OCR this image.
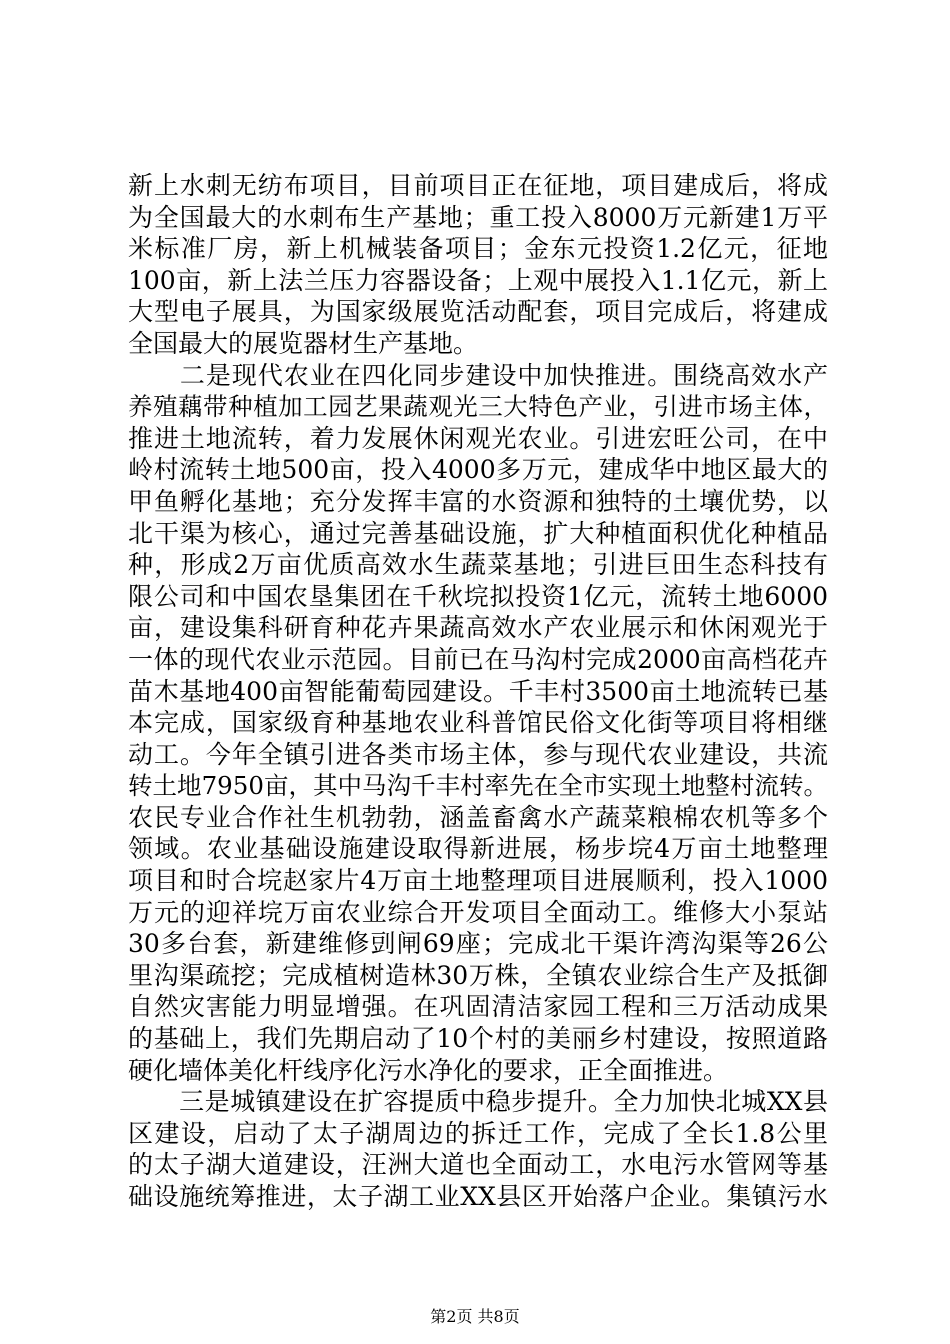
新上水刺无纺布项目，目前项目正在征地，项目建成后，将成
为全国最大的水刺布生产基地；重工投入8000万元新建1万平
米标准厂房，新上机械装备项目；金东元投资1.2亿元，征地
100亩，新上法兰压力容器设备；上观中展投入1.1亿元，新上
大型电子展具，为国家级展览活动配套，项目完成后，将建成
全国最大的展览器材生产基地。
　　二是现代农业在四化同步建设中加快推进。围绕高效水产
养殖藕带种植加工园艺果蔬观光三大特色产业，引进市场主体，
推进土地流转，着力发展休闲观光农业。引进宏旺公司，在中
岭村流转土地500亩，投入4000多万元，建成华中地区最大的
甲鱼孵化基地；充分发挥丰富的水资源和独特的土壤优势，以
北干渠为核心，通过完善基础设施，扩大种植面积优化种植品
种，形成2万亩优质高效水生蔬菜基地；引进巨田生态科技有
限公司和中国农垦集团在千秋垸拟投资1亿元，流转土地6000
亩，建设集科研育种花卉果蔬高效水产农业展示和休闲观光于
一体的现代农业示范园。目前已在马沟村完成2000亩高档花卉
苗木基地400亩智能葡萄园建设。千丰村3500亩土地流转已基
本完成，国家级育种基地农业科普馆民俗文化街等项目将相继
动工。今年全镇引进各类市场主体，参与现代农业建设，共流
转土地7950亩，其中马沟千丰村率先在全市实现土地整村流转。
农民专业合作社生机勃勃，涵盖畜禽水产蔬菜粮棉农机等多个
领域。农业基础设施建设取得新进展，杨步垸4万亩土地整理
项目和时合垸赵家片4万亩土地整理项目进展顺利，投入1000
万元的迎祥垸万亩农业综合开发项目全面动工。维修大小泵站
30多台套，新建维修剅闸69座；完成北干渠许湾沟渠等26公
里沟渠疏挖；完成植树造林30万株，全镇农业综合生产及抵御
自然灾害能力明显增强。在巩固清洁家园工程和三万活动成果
的基础上，我们先期启动了10个村的美丽乡村建设，按照道路
硬化墙体美化杆线序化污水净化的要求，正全面推进。
　　三是城镇建设在扩容提质中稳步提升。全力加快北城XX县
区建设，启动了太子湖周边的拆迁工作，完成了全长1.8公里
的太子湖大道建设，汪洲大道也全面动工，水电污水管网等基
础设施统筹推进，太子湖工业XX县区开始落户企业。集镇污水
第2页 共8页
